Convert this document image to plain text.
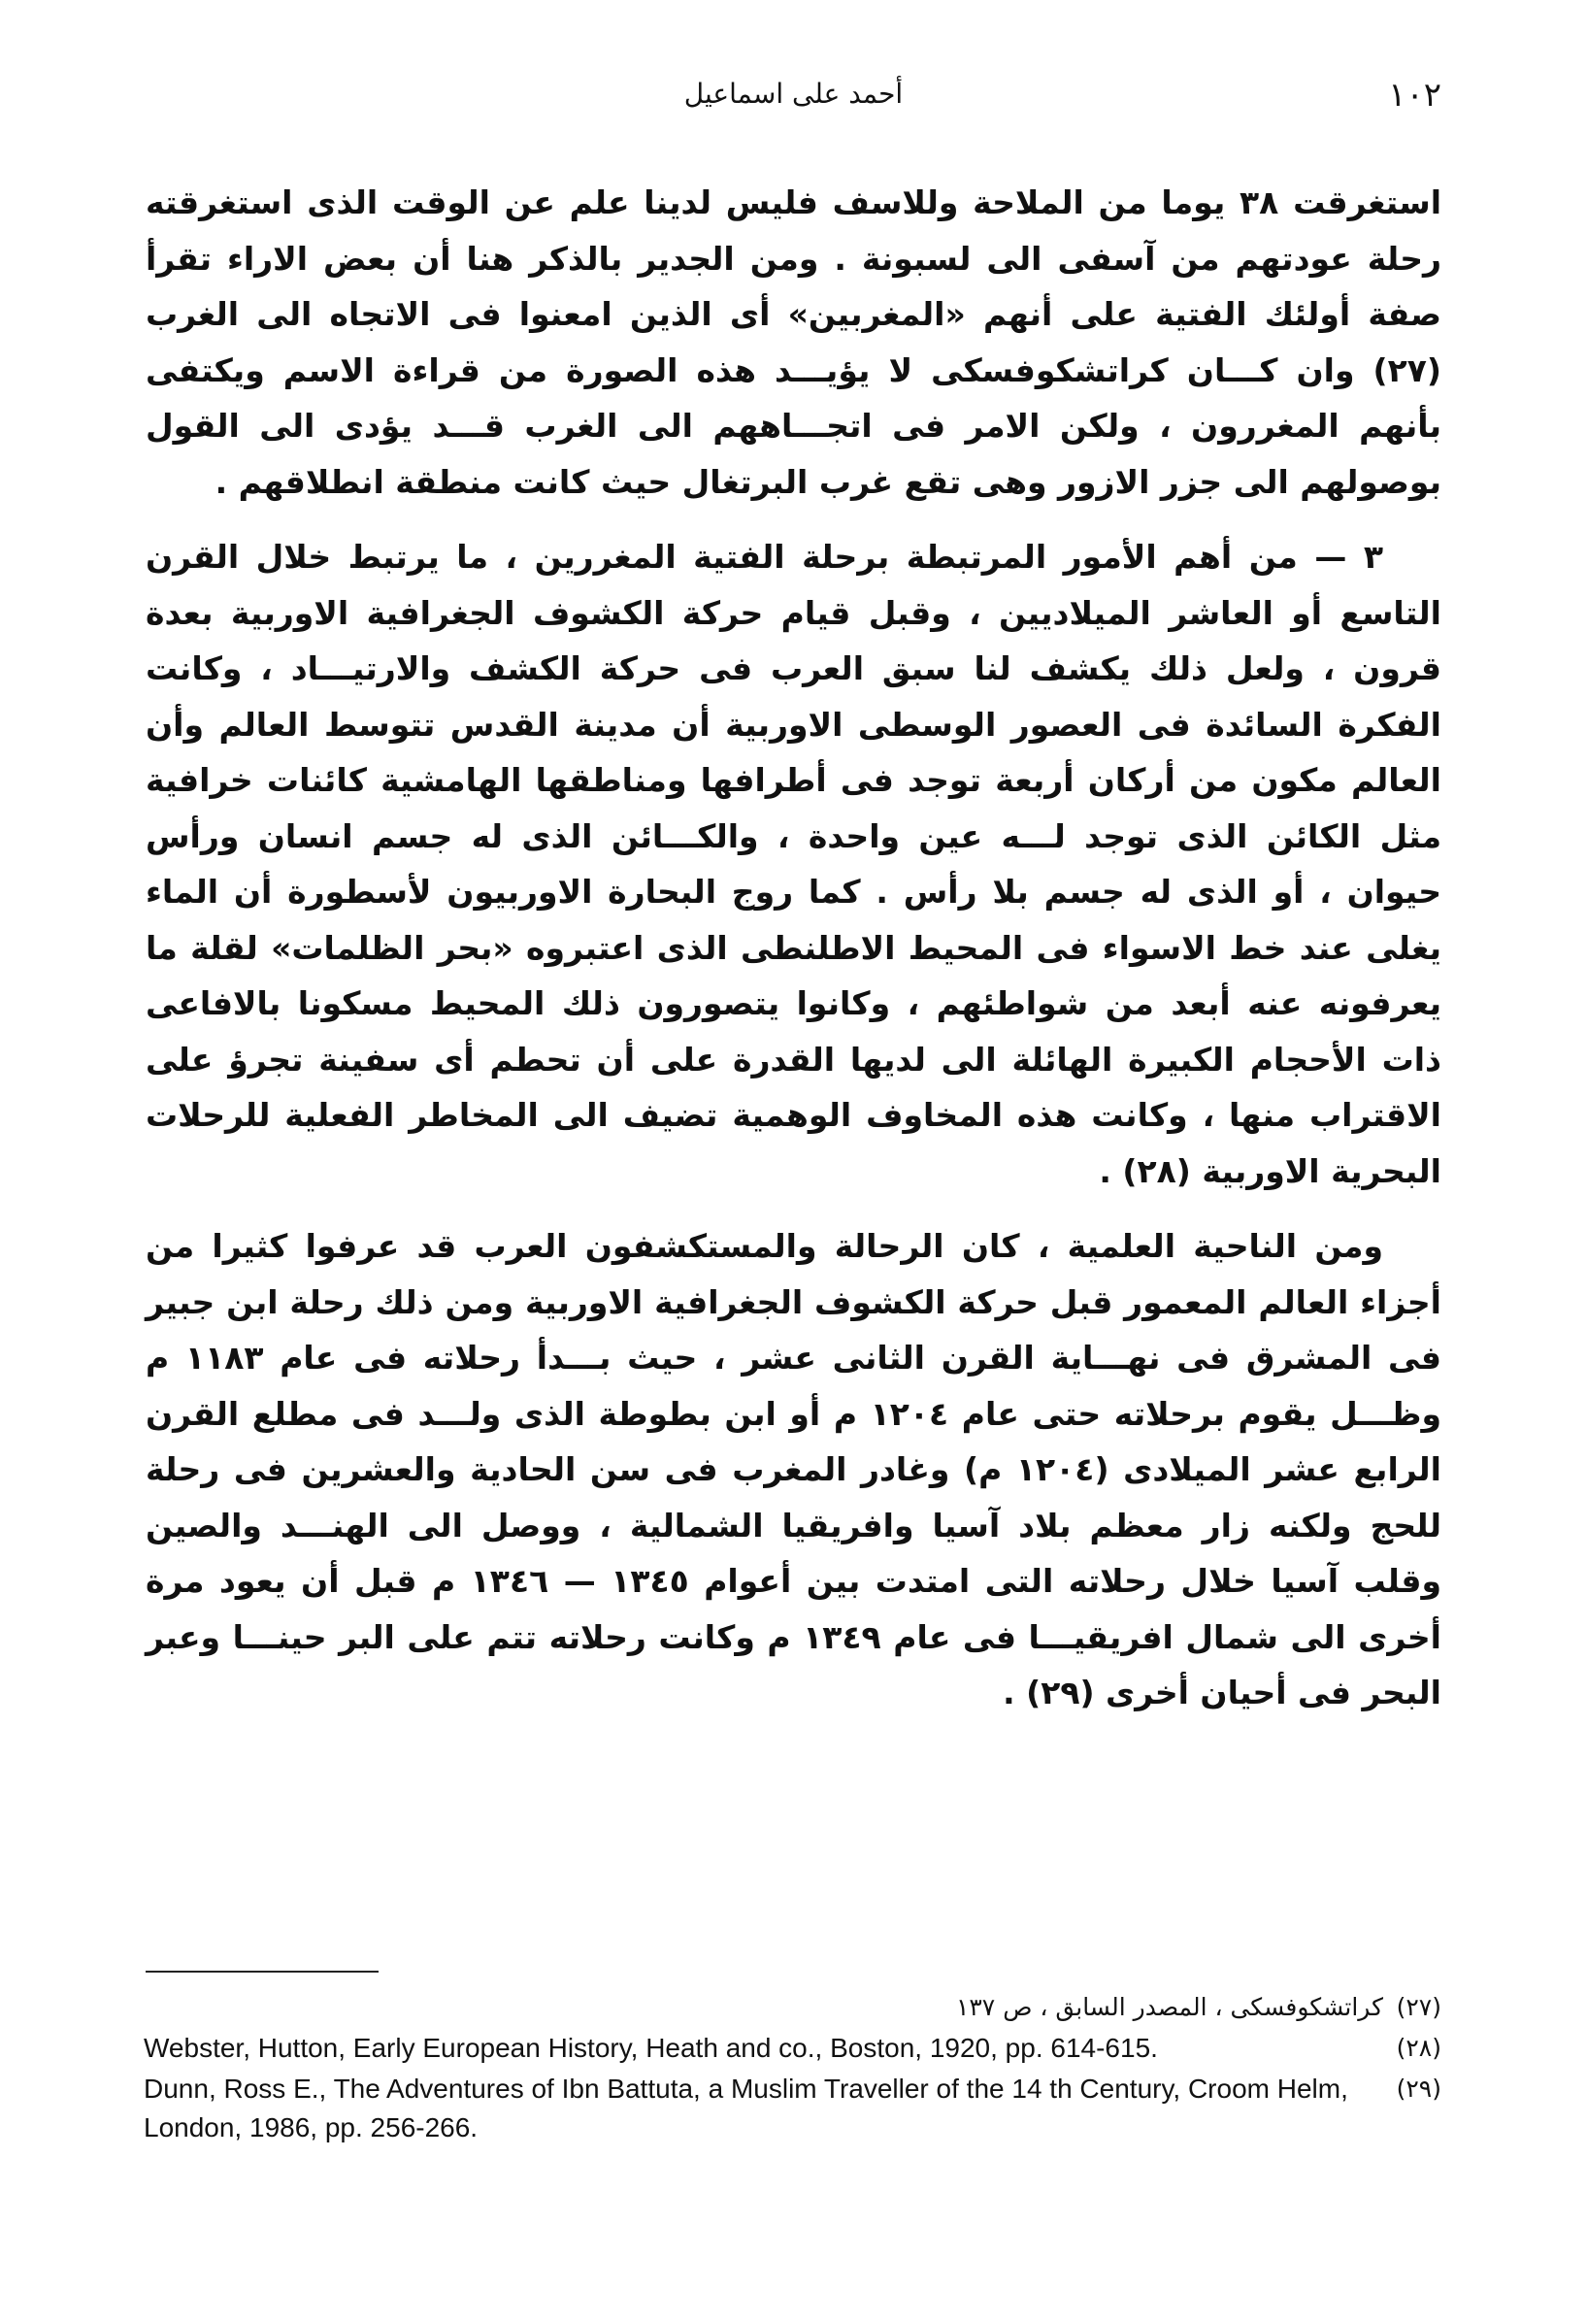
١٠٢
أحمد على اسماعيل

استغرقت ٣٨ يوما من الملاحة وللاسف فليس لدينا علم عن الوقت الذى استغرقته رحلة عودتهم من آسفى الى لسبونة . ومن الجدير بالذكر هنا أن بعض الاراء تقرأ صفة أولئك الفتية على أنهم «المغربين» أى الذين امعنوا فى الاتجاه الى الغرب (٢٧) وان كـــان كراتشكوفسكى لا يؤيـــد هذه الصورة من قراءة الاسم ويكتفى بأنهم المغررون ، ولكن الامر فى اتجـــاههم الى الغرب قـــد يؤدى الى القول بوصولهم الى جزر الازور وهى تقع غرب البرتغال حيث كانت منطقة انطلاقهم .

٣ — من أهم الأمور المرتبطة برحلة الفتية المغررين ، ما يرتبط خلال القرن التاسع أو العاشر الميلاديين ، وقبل قيام حركة الكشوف الجغرافية الاوربية بعدة قرون ، ولعل ذلك يكشف لنا سبق العرب فى حركة الكشف والارتيـــاد ، وكانت الفكرة السائدة فى العصور الوسطى الاوربية أن مدينة القدس تتوسط العالم وأن العالم مكون من أركان أربعة توجد فى أطرافها ومناطقها الهامشية كائنات خرافية مثل الكائن الذى توجد لـــه عين واحدة ، والكـــائن الذى له جسم انسان ورأس حيوان ، أو الذى له جسم بلا رأس . كما روج البحارة الاوربيون لأسطورة أن الماء يغلى عند خط الاسواء فى المحيط الاطلنطى الذى اعتبروه «بحر الظلمات» لقلة ما يعرفونه عنه أبعد من شواطئهم ، وكانوا يتصورون ذلك المحيط مسكونا بالافاعى ذات الأحجام الكبيرة الهائلة الى لديها القدرة على أن تحطم أى سفينة تجرؤ على الاقتراب منها ، وكانت هذه المخاوف الوهمية تضيف الى المخاطر الفعلية للرحلات البحرية الاوربية (٢٨) .

ومن الناحية العلمية ، كان الرحالة والمستكشفون العرب قد عرفوا كثيرا من أجزاء العالم المعمور قبل حركة الكشوف الجغرافية الاوربية ومن ذلك رحلة ابن جبير فى المشرق فى نهـــاية القرن الثانى عشر ، حيث بـــدأ رحلاته فى عام ١١٨٣ م وظـــل يقوم برحلاته حتى عام ١٢٠٤ م أو ابن بطوطة الذى ولـــد فى مطلع القرن الرابع عشر الميلادى (١٢٠٤ م) وغادر المغرب فى سن الحادية والعشرين فى رحلة للحج ولكنه زار معظم بلاد آسيا وافريقيا الشمالية ، ووصل الى الهنـــد والصين وقلب آسيا خلال رحلاته التى امتدت بين أعوام ١٣٤٥ — ١٣٤٦ م قبل أن يعود مرة أخرى الى شمال افريقيـــا فى عام ١٣٤٩ م وكانت رحلاته تتم على البر حينـــا وعبر البحر فى أحيان أخرى (٢٩) .

(٢٧)
كراتشكوفسكى ، المصدر السابق ، ص ١٣٧
(٢٨)
Webster, Hutton, Early European History, Heath and co., Boston, 1920, pp. 614-615.
(٢٩)
Dunn, Ross E., The Adventures of Ibn Battuta, a Muslim Traveller of the 14 th Century, Croom Helm, London, 1986, pp. 256-266.
